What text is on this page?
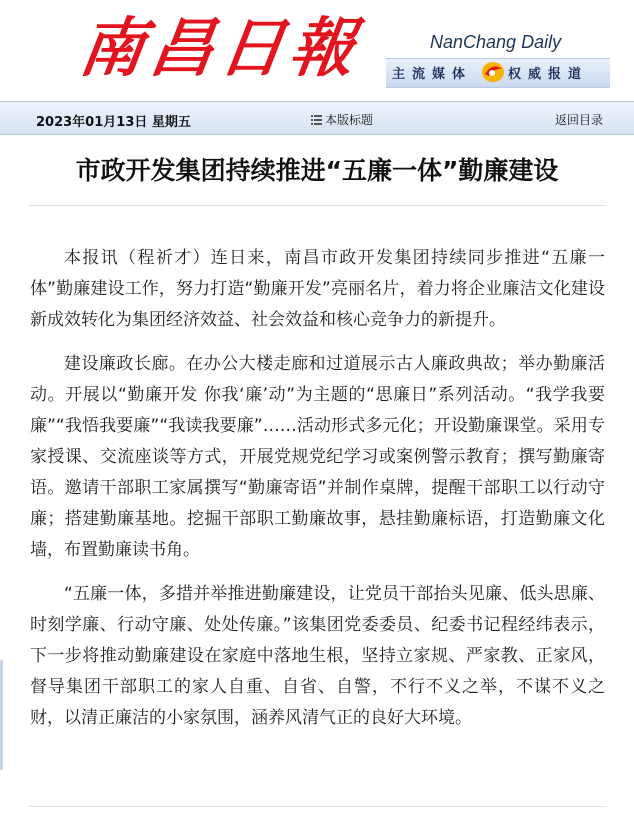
南昌日報	NanChang Daily
主流媒体	权威报道
2023年01月13日 星期五	本版标题	返回目录
市政开发集团持续推进“五廉一体”勤廉建设

本报讯（程祈才）连日来，南昌市政开发集团持续同步推进“五廉一体”勤廉建设工作，努力打造“勤廉开发”亮丽名片，着力将企业廉洁文化建设新成效转化为集团经济效益、社会效益和核心竞争力的新提升。

建设廉政长廊。在办公大楼走廊和过道展示古人廉政典故；举办勤廉活动。开展以“勤廉开发 你我‘廉’动”为主题的“思廉日”系列活动。“我学我要廉”“我悟我要廉”“我读我要廉”……活动形式多元化；开设勤廉课堂。采用专家授课、交流座谈等方式，开展党规党纪学习或案例警示教育；撰写勤廉寄语。邀请干部职工家属撰写“勤廉寄语”并制作桌牌，提醒干部职工以行动守廉；搭建勤廉基地。挖掘干部职工勤廉故事，悬挂勤廉标语，打造勤廉文化墙，布置勤廉读书角。

“五廉一体，多措并举推进勤廉建设，让党员干部抬头见廉、低头思廉、时刻学廉、行动守廉、处处传廉。”该集团党委委员、纪委书记程经纬表示，下一步将推动勤廉建设在家庭中落地生根，坚持立家规、严家教、正家风，督导集团干部职工的家人自重、自省、自警，不行不义之举，不谋不义之财，以清正廉洁的小家氛围，涵养风清气正的良好大环境。
